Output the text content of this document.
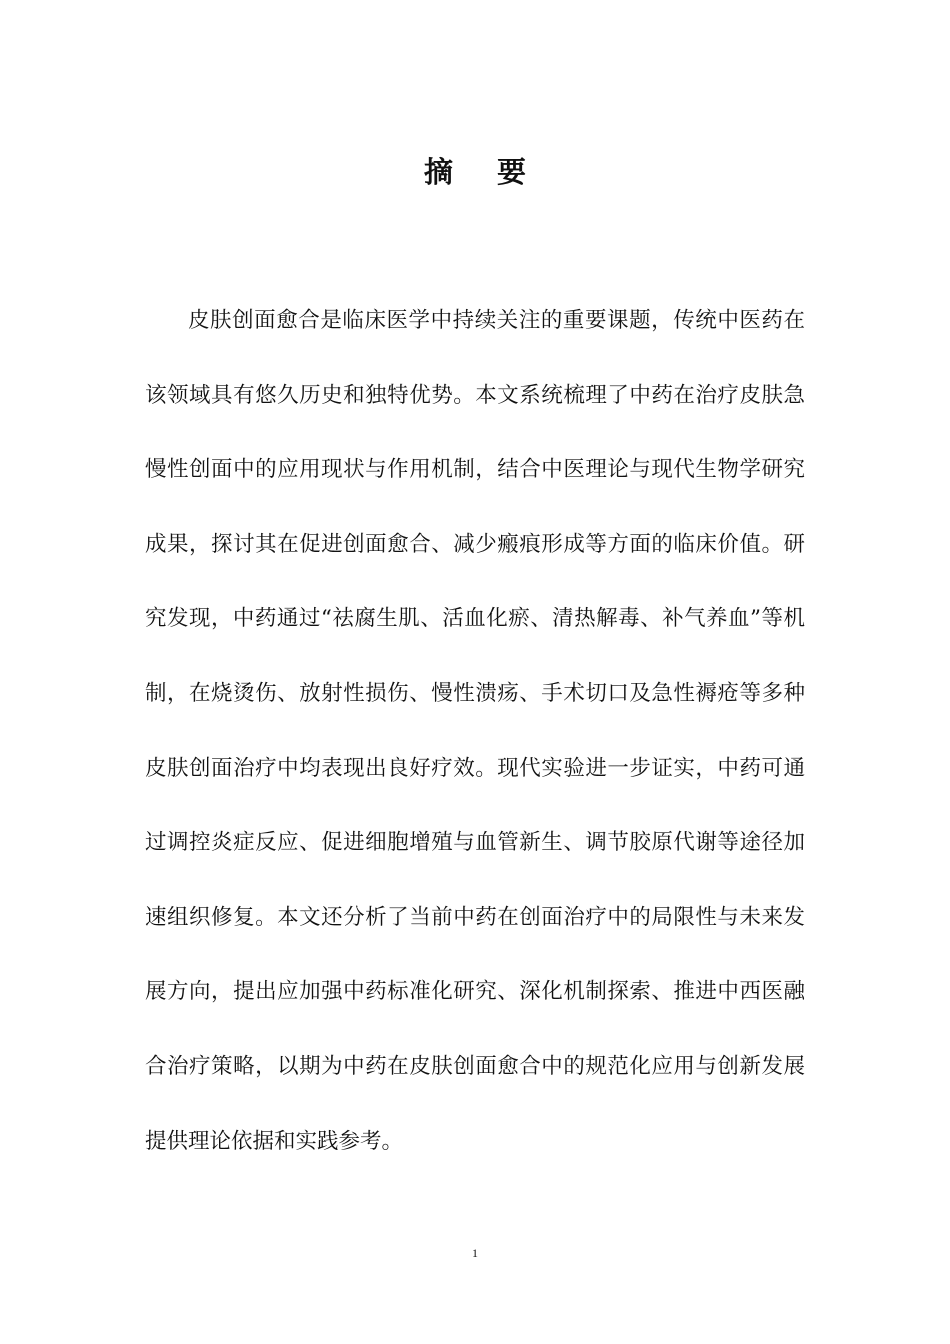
摘 要

皮肤创面愈合是临床医学中持续关注的重要课题，传统中医药在该领域具有悠久历史和独特优势。本文系统梳理了中药在治疗皮肤急慢性创面中的应用现状与作用机制，结合中医理论与现代生物学研究成果，探讨其在促进创面愈合、减少瘢痕形成等方面的临床价值。研究发现，中药通过“祛腐生肌、活血化瘀、清热解毒、补气养血”等机制，在烧烫伤、放射性损伤、慢性溃疡、手术切口及急性褥疮等多种皮肤创面治疗中均表现出良好疗效。现代实验进一步证实，中药可通过调控炎症反应、促进细胞增殖与血管新生、调节胶原代谢等途径加速组织修复。本文还分析了当前中药在创面治疗中的局限性与未来发展方向，提出应加强中药标准化研究、深化机制探索、推进中西医融合治疗策略，以期为中药在皮肤创面愈合中的规范化应用与创新发展提供理论依据和实践参考。

1
